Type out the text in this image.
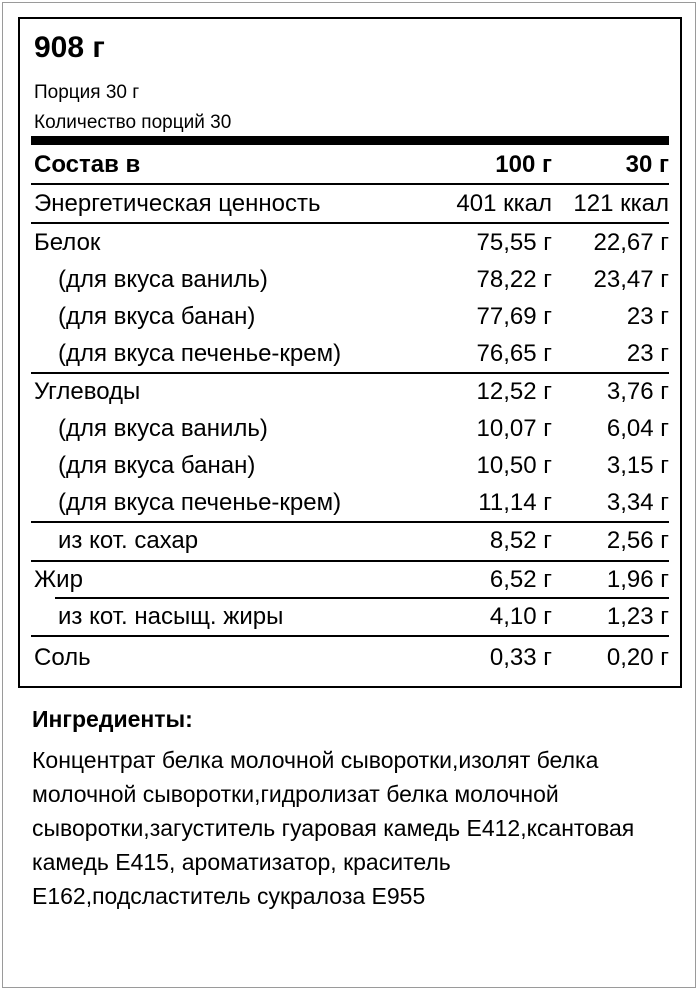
908 г
Порция 30 г
Количество порций 30
Состав в	100 г	30 г
Энергетическая ценность	401 ккал 121 ккал
Белок	75,55 г 22,67 г
(для вкуса ваниль)	78,22 г 23,47 г
(для вкуса банан)	77,69 г	23 г
(для вкуса печенье-крем)	76,65 г	23 г
Углеводы	12,52 г 3,76 г
(для вкуса ваниль)	10,07 г 6,04 г
(для вкуса банан)	10,50 г 3,15 г
(для вкуса печенье-крем)	11,14 г 3,34 г
из кот. сахар	8,52 г 2,56 г
Жир	6,52 г 1,96 г
из кот. насыщ. жиры	4,10 г 1,23 г
Соль	0,33 г 0,20 г
Ингредиенты:
Концентрат белка молочной сыворотки,изолят белка молочной сыворотки,гидролизат белка молочной сыворотки,загуститель гуаровая камедь Е412,ксантовая камедь Е415, ароматизатор, краситель Е162,подсластитель сукралоза Е955
